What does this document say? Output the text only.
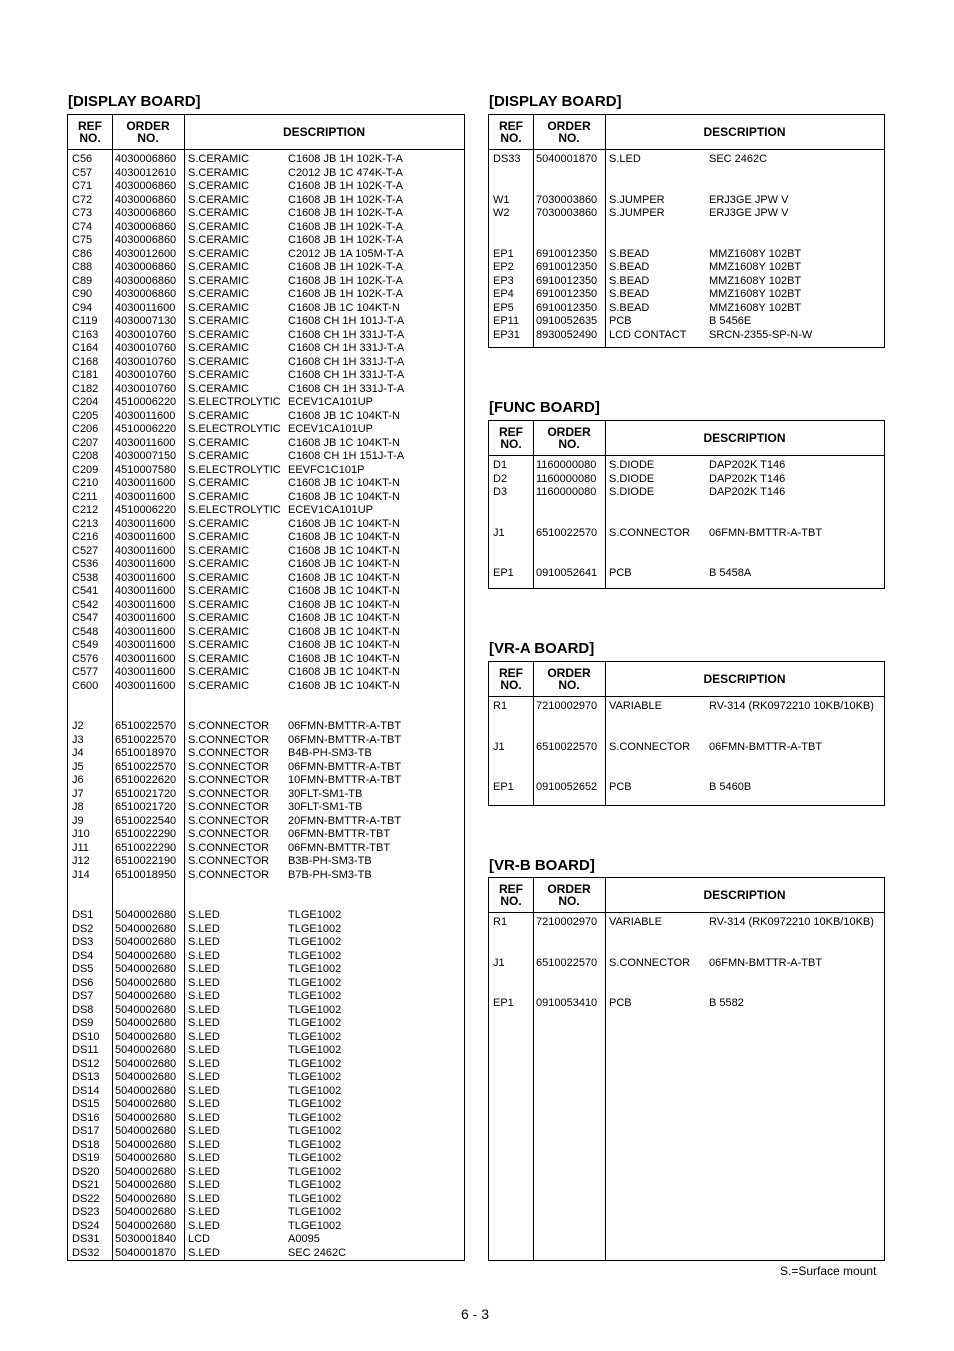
[DISPLAY BOARD]	[DISPLAY BOARD]
[FUNC BOARD]
[VR-A BOARD]
[VR-B BOARD]
REF
NO.
ORDER
NO.	DESCRIPTION
C56 4030006860 S.CERAMIC	C1608 JB 1H 102K-T-A
C57 4030012610 S.CERAMIC	C2012 JB 1C 474K-T-A
C71 4030006860 S.CERAMIC	C1608 JB 1H 102K-T-A
C72 4030006860 S.CERAMIC	C1608 JB 1H 102K-T-A
C73 4030006860 S.CERAMIC	C1608 JB 1H 102K-T-A
C74 4030006860 S.CERAMIC	C1608 JB 1H 102K-T-A
C75 4030006860 S.CERAMIC	C1608 JB 1H 102K-T-A
C86 4030012600 S.CERAMIC	C2012 JB 1A 105M-T-A
C88 4030006860 S.CERAMIC	C1608 JB 1H 102K-T-A
C89 4030006860 S.CERAMIC	C1608 JB 1H 102K-T-A
C90 4030006860 S.CERAMIC	C1608 JB 1H 102K-T-A
C94 4030011600 S.CERAMIC	C1608 JB 1C 104KT-N
C119 4030007130 S.CERAMIC	C1608 CH 1H 101J-T-A
C163 4030010760 S.CERAMIC	C1608 CH 1H 331J-T-A
C164 4030010760 S.CERAMIC	C1608 CH 1H 331J-T-A
C168 4030010760 S.CERAMIC	C1608 CH 1H 331J-T-A
C181 4030010760 S.CERAMIC	C1608 CH 1H 331J-T-A
C182 4030010760 S.CERAMIC	C1608 CH 1H 331J-T-A
C204 4510006220 S.ELECTROLYTIC ECEV1CA101UP
C205 4030011600 S.CERAMIC	C1608 JB 1C 104KT-N
C206 4510006220 S.ELECTROLYTIC ECEV1CA101UP
C207 4030011600 S.CERAMIC	C1608 JB 1C 104KT-N
C208 4030007150 S.CERAMIC	C1608 CH 1H 151J-T-A
C209 4510007580 S.ELECTROLYTIC EEVFC1C101P
C210 4030011600 S.CERAMIC	C1608 JB 1C 104KT-N
C211 4030011600 S.CERAMIC	C1608 JB 1C 104KT-N
C212 4510006220 S.ELECTROLYTIC ECEV1CA101UP
C213 4030011600 S.CERAMIC	C1608 JB 1C 104KT-N
C216 4030011600 S.CERAMIC	C1608 JB 1C 104KT-N
C527 4030011600 S.CERAMIC	C1608 JB 1C 104KT-N
C536 4030011600 S.CERAMIC	C1608 JB 1C 104KT-N
C538 4030011600 S.CERAMIC	C1608 JB 1C 104KT-N
C541 4030011600 S.CERAMIC	C1608 JB 1C 104KT-N
C542 4030011600 S.CERAMIC	C1608 JB 1C 104KT-N
C547 4030011600 S.CERAMIC	C1608 JB 1C 104KT-N
C548 4030011600 S.CERAMIC	C1608 JB 1C 104KT-N
C549 4030011600 S.CERAMIC	C1608 JB 1C 104KT-N
C576 4030011600 S.CERAMIC	C1608 JB 1C 104KT-N
C577 4030011600 S.CERAMIC	C1608 JB 1C 104KT-N
C600 4030011600 S.CERAMIC	C1608 JB 1C 104KT-N
J2	6510022570 S.CONNECTOR 06FMN-BMTTR-A-TBT
J3	6510022570 S.CONNECTOR 06FMN-BMTTR-A-TBT
J4	6510018970 S.CONNECTOR B4B-PH-SM3-TB
J5	6510022570 S.CONNECTOR 06FMN-BMTTR-A-TBT
J6	6510022620 S.CONNECTOR 10FMN-BMTTR-A-TBT
J7	6510021720 S.CONNECTOR 30FLT-SM1-TB
J8	6510021720 S.CONNECTOR 30FLT-SM1-TB
J9	6510022540 S.CONNECTOR 20FMN-BMTTR-A-TBT
J10 6510022290 S.CONNECTOR 06FMN-BMTTR-TBT
J11 6510022290 S.CONNECTOR 06FMN-BMTTR-TBT
J12 6510022190 S.CONNECTOR B3B-PH-SM3-TB
J14 6510018950 S.CONNECTOR B7B-PH-SM3-TB
DS1 5040002680 S.LED	TLGE1002
DS2 5040002680 S.LED	TLGE1002
DS3 5040002680 S.LED	TLGE1002
DS4 5040002680 S.LED	TLGE1002
DS5 5040002680 S.LED	TLGE1002
DS6 5040002680 S.LED	TLGE1002
DS7 5040002680 S.LED	TLGE1002
DS8 5040002680 S.LED	TLGE1002
DS9 5040002680 S.LED	TLGE1002
DS10 5040002680 S.LED	TLGE1002
DS11 5040002680 S.LED	TLGE1002
DS12 5040002680 S.LED	TLGE1002
DS13 5040002680 S.LED	TLGE1002
DS14 5040002680 S.LED	TLGE1002
DS15 5040002680 S.LED	TLGE1002
DS16 5040002680 S.LED	TLGE1002
DS17 5040002680 S.LED	TLGE1002
DS18 5040002680 S.LED	TLGE1002
DS19 5040002680 S.LED	TLGE1002
DS20 5040002680 S.LED	TLGE1002
DS21 5040002680 S.LED	TLGE1002
DS22 5040002680 S.LED	TLGE1002
DS23 5040002680 S.LED	TLGE1002
DS24 5040002680 S.LED	TLGE1002
DS31 5030001840 LCD	A0095
DS32 5040001870 S.LED	SEC 2462C
REF
NO.
ORDER
NO.	DESCRIPTION
DS33 5040001870 S.LED	SEC 2462C
W1 7030003860 S.JUMPER	ERJ3GE JPW V
W2 7030003860 S.JUMPER	ERJ3GE JPW V
EP1 6910012350 S.BEAD	MMZ1608Y 102BT
EP2 6910012350 S.BEAD	MMZ1608Y 102BT
EP3 6910012350 S.BEAD	MMZ1608Y 102BT
EP4 6910012350 S.BEAD	MMZ1608Y 102BT
EP5 6910012350 S.BEAD	MMZ1608Y 102BT
EP11 0910052635 PCB	B 5456E
EP31 8930052490 LCD CONTACT SRCN-2355-SP-N-W
REF
NO.
ORDER
NO.	DESCRIPTION
D1	1160000080 S.DIODE	DAP202K T146
D2	1160000080 S.DIODE	DAP202K T146
D3	1160000080 S.DIODE	DAP202K T146
J1	6510022570 S.CONNECTOR 06FMN-BMTTR-A-TBT
EP1 0910052641 PCB	B 5458A
REF
NO.
ORDER
NO.	DESCRIPTION
R1	7210002970 VARIABLE	RV-314 (RK0972210 10KB/10KB)
J1	6510022570 S.CONNECTOR 06FMN-BMTTR-A-TBT
EP1 0910052652 PCB	B 5460B
REF
NO.
ORDER
NO.	DESCRIPTION
R1	7210002970 VARIABLE	RV-314 (RK0972210 10KB/10KB)
J1	6510022570 S.CONNECTOR 06FMN-BMTTR-A-TBT
EP1 0910053410 PCB	B 5582
S.=Surface mount
6 - 3
